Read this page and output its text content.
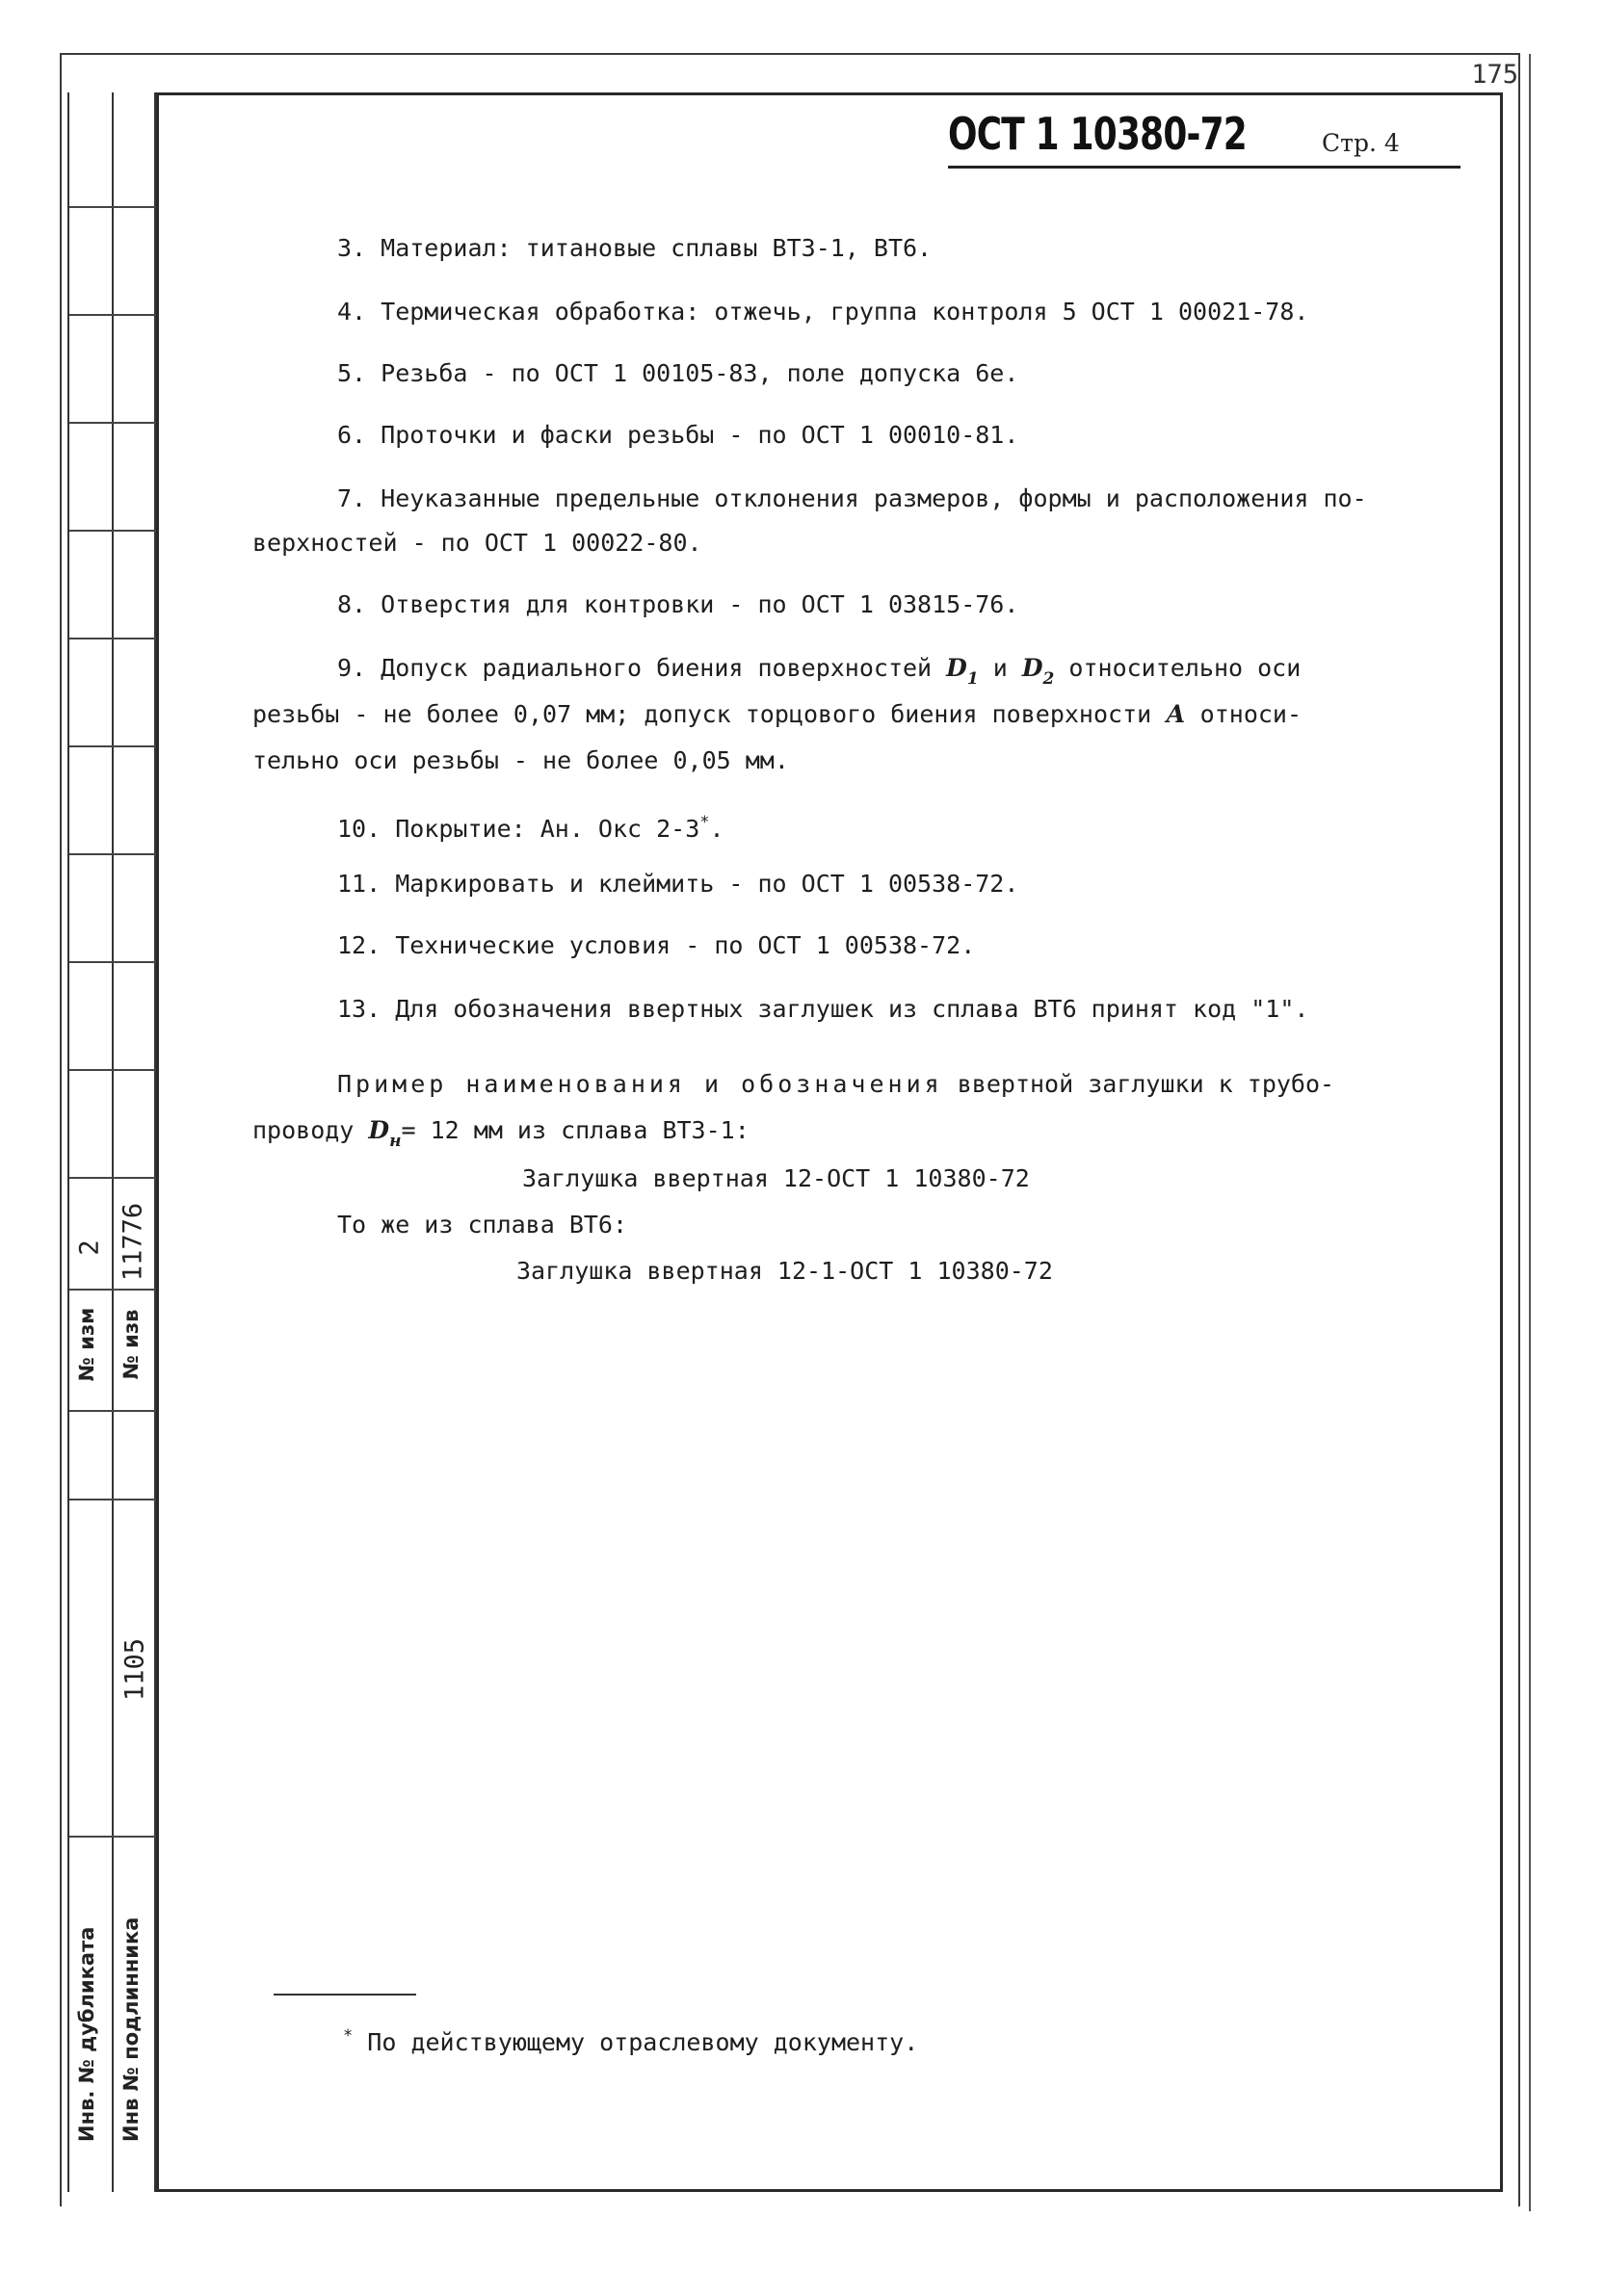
175
2 11776
№ изм № изв
1105
Инв. № дубликата Инв № подлинника
ОСТ 1 10380-72	Стр. 4
3. Материал: титановые сплавы ВТ3-1, ВТ6.
4. Термическая обработка: отжечь, группа контроля 5 ОСТ 1 00021-78.
5. Резьба - по ОСТ 1 00105-83, поле допуска 6е.
6. Проточки и фаски резьбы - по ОСТ 1 00010-81.
7. Неуказанные предельные отклонения размеров, формы и расположения по-
верхностей - по ОСТ 1 00022-80.
8. Отверстия для контровки - по ОСТ 1 03815-76.
9. Допуск радиального биения поверхностей $D_1$ и $D_2$ относительно оси
резьбы - не более 0,07 мм; допуск торцового биения поверхности А относи-
тельно оси резьбы - не более 0,05 мм.
10. Покрытие: Ан. Окс 2-3*.
11. Маркировать и клеймить - по ОСТ 1 00538-72.
12. Технические условия - по ОСТ 1 00538-72.
13. Для обозначения ввертных заглушек из сплава ВТ6 принят код "1".
Пример наименования и обозначения ввертной заглушки к трубо-
проводу $D_н= 12$ мм из сплава ВТ3-1:
Заглушка ввертная 12-ОСТ 1 10380-72
То же из сплава ВТ6:
Заглушка ввертная 12-1-ОСТ 1 10380-72
* По действующему отраслевому документу.
